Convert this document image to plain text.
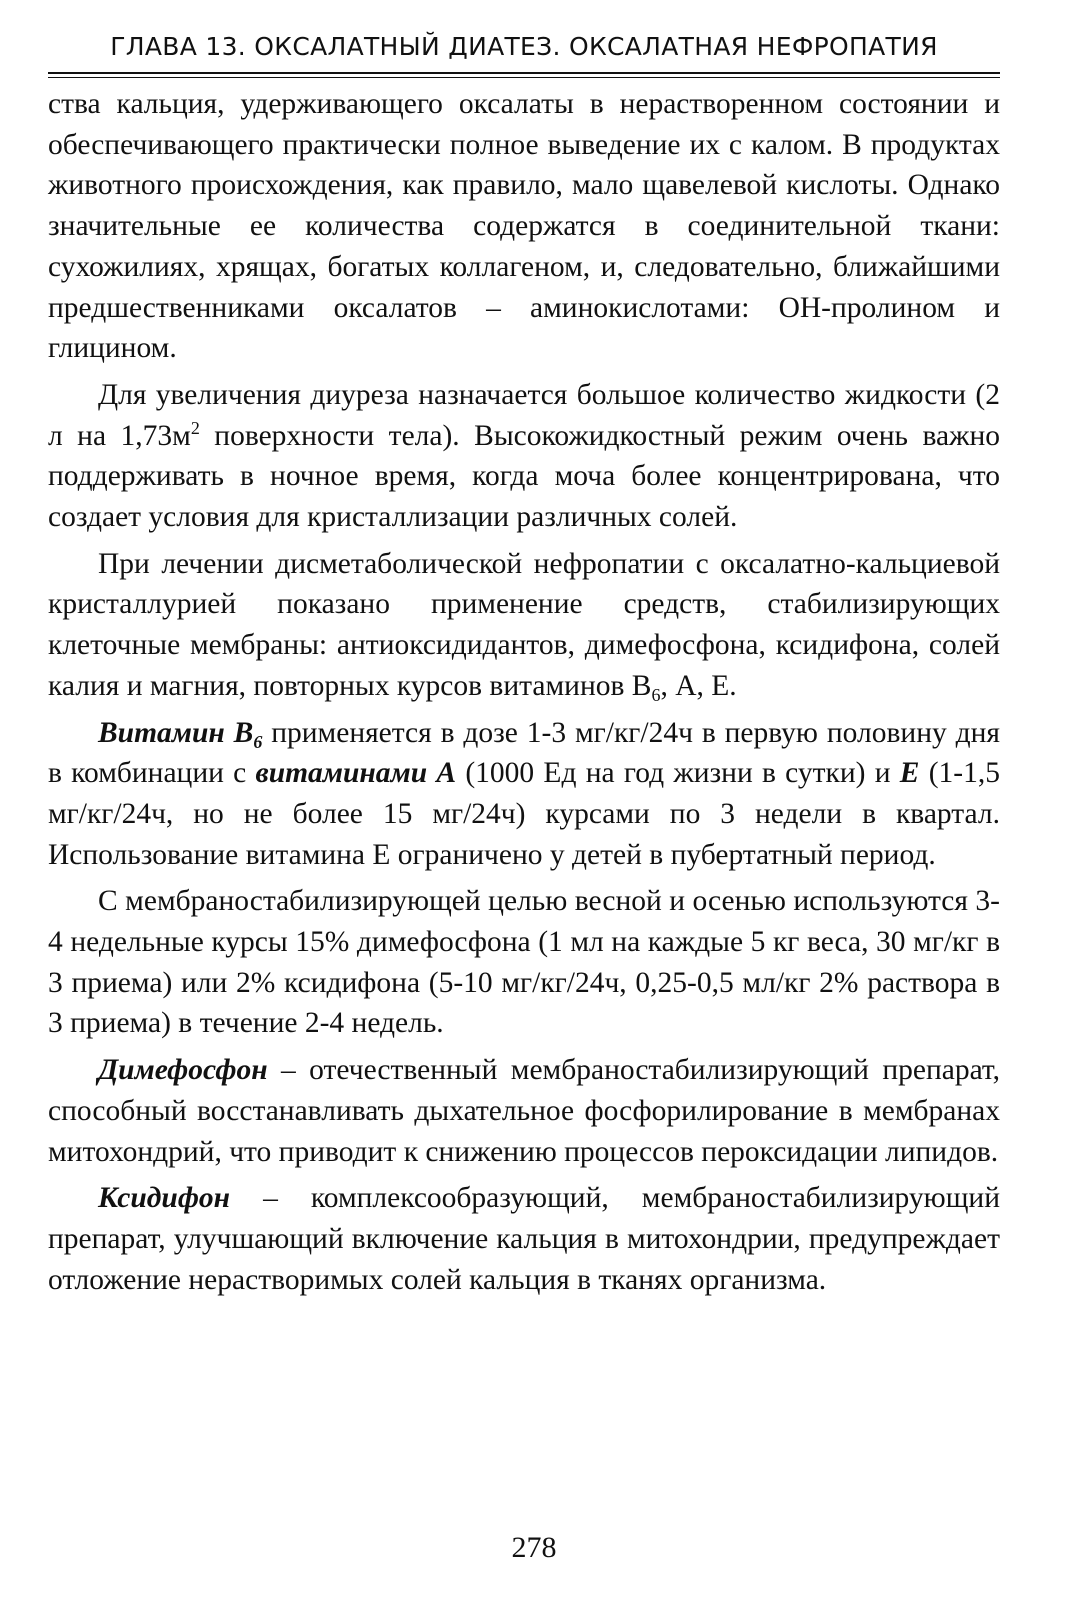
ГЛАВА 13. ОКСАЛАТНЫЙ ДИАТЕЗ. ОКСАЛАТНАЯ НЕФРОПАТИЯ

ства кальция, удерживающего оксалаты в нерастворенном состоянии и обеспечивающего практически полное выведение их с калом. В продуктах животного происхождения, как правило, мало щавелевой кислоты. Однако значительные ее количества содержатся в соединительной ткани: сухожилиях, хрящах, богатых коллагеном, и, следовательно, ближайшими предшественниками оксалатов – аминокислотами: ОН-пролином и глицином.

Для увеличения диуреза назначается большое количество жидкости (2 л на $1,73м^2$ поверхности тела). Высокожидкостный режим очень важно поддерживать в ночное время, когда моча более концентрирована, что создает условия для кристаллизации различных солей.

При лечении дисметаболической нефропатии с оксалатно-кальциевой кристаллурией показано применение средств, стабилизирующих клеточные мембраны: антиоксидидантов, димефосфона, ксидифона, солей калия и магния, повторных курсов витаминов $В_6$, А, Е.

Витамин $В_6$ применяется в дозе 1-3 мг/кг/24ч в первую половину дня в комбинации с витаминами А (1000 Ед на год жизни в сутки) и Е (1-1,5 мг/кг/24ч, но не более 15 мг/24ч) курсами по 3 недели в квартал. Использование витамина Е ограничено у детей в пубертатный период.

С мембраностабилизирующей целью весной и осенью используются 3-4 недельные курсы 15% димефосфона (1 мл на каждые 5 кг веса, 30 мг/кг в 3 приема) или 2% ксидифона (5-10 мг/кг/24ч, 0,25-0,5 мл/кг 2% раствора в 3 приема) в течение 2-4 недель.

Димефосфон – отечественный мембраностабилизирующий препарат, способный восстанавливать дыхательное фосфорилирование в мембранах митохондрий, что приводит к снижению процессов пероксидации липидов.

Ксидифон – комплексообразующий, мембраностабилизирующий препарат, улучшающий включение кальция в митохондрии, предупреждает отложение нерастворимых солей кальция в тканях организма.

278
